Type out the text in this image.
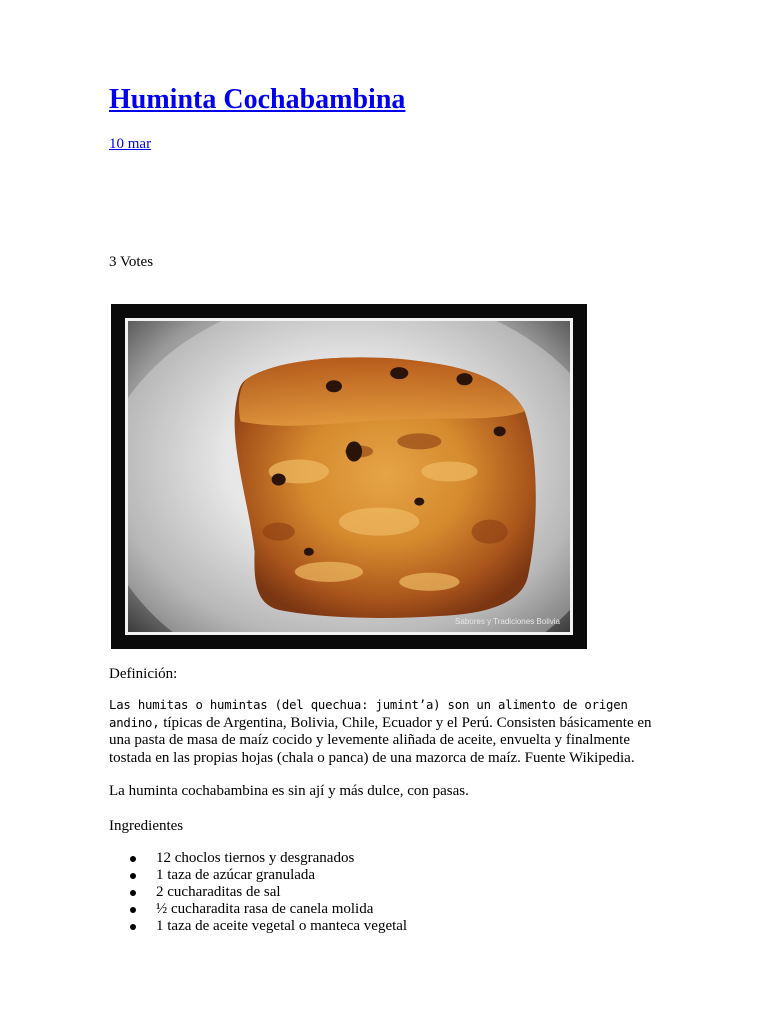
Huminta Cochabambina
10 mar
3 Votes
Sabores y Tradiciones Bolivia
Definición:
Las humitas o humintas (del quechua: jumint’a) son un alimento de origen andino, típicas de Argentina, Bolivia, Chile, Ecuador y el Perú. Consisten básicamente en una pasta de masa de maíz cocido y levemente aliñada de aceite, envuelta y finalmente tostada en las propias hojas (chala o panca) de una mazorca de maíz. Fuente Wikipedia.
La huminta cochabambina es sin ají y más dulce, con pasas.
Ingredientes
12 choclos tiernos y desgranados
1 taza de azúcar granulada
2 cucharaditas de sal
½ cucharadita rasa de canela molida
1 taza de aceite vegetal o manteca vegetal
